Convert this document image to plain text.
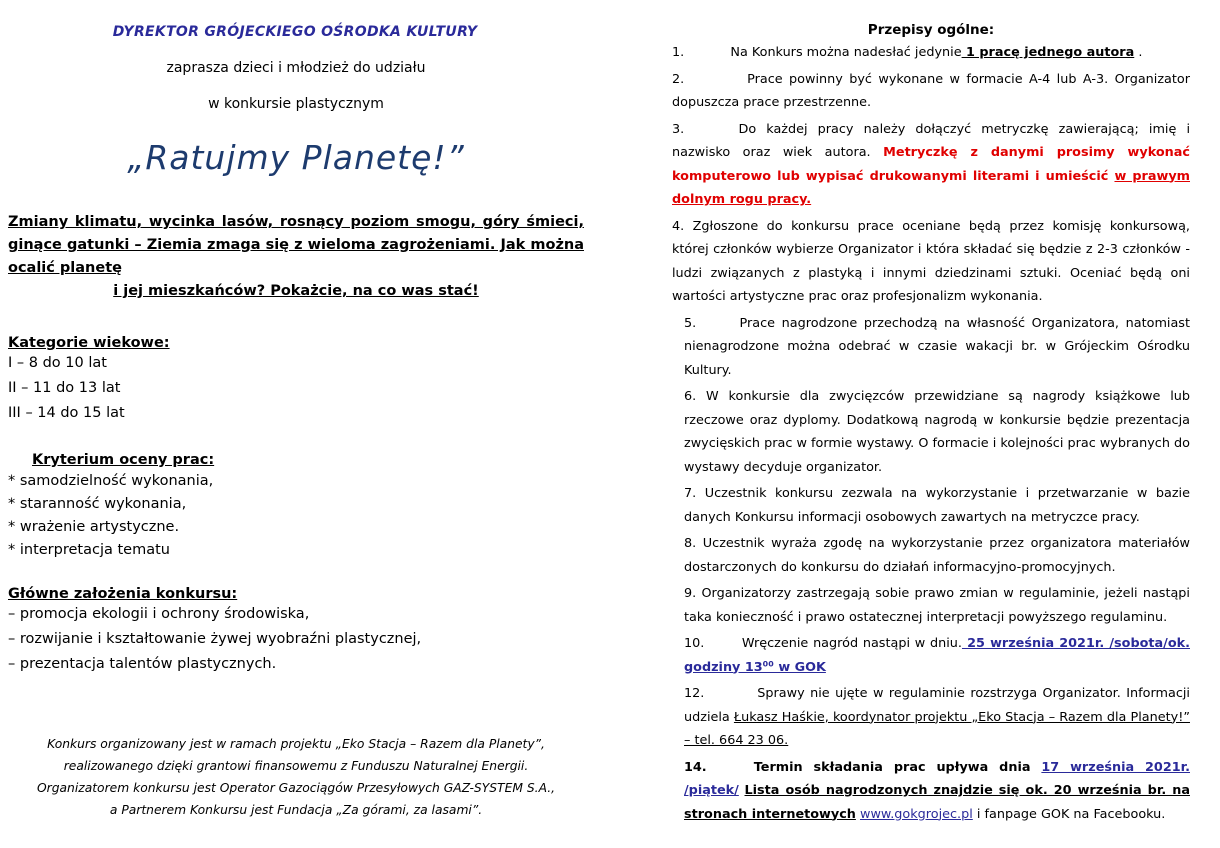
DYREKTOR GRÓJECKIEGO OŚRODKA KULTURY
zaprasza dzieci i młodzież do udziału
w konkursie plastycznym
„Ratujmy Planetę!”
Zmiany klimatu, wycinka lasów, rosnący poziom smogu, góry śmieci, ginące gatunki – Ziemia zmaga się z wieloma zagrożeniami. Jak można ocalić planetę
i jej mieszkańców? Pokażcie, na co was stać!
Kategorie wiekowe:
I – 8 do 10 lat
II – 11 do 13 lat
III – 14 do 15 lat
Kryterium oceny prac:
* samodzielność wykonania,
* staranność wykonania,
* wrażenie artystyczne.
* interpretacja tematu
Główne założenia konkursu:
– promocja ekologii i ochrony środowiska,
– rozwijanie i kształtowanie żywej wyobraźni plastycznej,
– prezentacja talentów plastycznych.
Konkurs organizowany jest w ramach projektu „Eko Stacja – Razem dla Planety”,
realizowanego dzięki grantowi finansowemu z Funduszu Naturalnej Energii.
Organizatorem konkursu jest Operator Gazociągów Przesyłowych GAZ-SYSTEM S.A.,
a Partnerem Konkursu jest Fundacja „Za górami, za lasami”.
Przepisy ogólne:
1.	Na Konkurs można nadesłać jedynie 1 pracę jednego autora .
2.	Prace powinny być wykonane w formacie A-4 lub A-3. Organizator dopuszcza prace przestrzenne.
3.	Do każdej pracy należy dołączyć metryczkę zawierającą; imię i nazwisko oraz wiek autora. Metryczkę z danymi prosimy wykonać komputerowo lub wypisać drukowanymi literami i umieścić w prawym dolnym rogu pracy.
4. Zgłoszone do konkursu prace oceniane będą przez komisję konkursową, której członków wybierze Organizator i która składać się będzie z 2-3 członków - ludzi związanych z plastyką i innymi dziedzinami sztuki. Oceniać będą oni wartości artystyczne prac oraz profesjonalizm wykonania.
5.	Prace nagrodzone przechodzą na własność Organizatora, natomiast nienagrodzone można odebrać w czasie wakacji br. w Grójeckim Ośrodku Kultury.
6. W konkursie dla zwycięzców przewidziane są nagrody książkowe lub rzeczowe oraz dyplomy. Dodatkową nagrodą w konkursie będzie prezentacja zwycięskich prac w formie wystawy. O formacie i kolejności prac wybranych do wystawy decyduje organizator.
7. Uczestnik konkursu zezwala na wykorzystanie i przetwarzanie w bazie danych Konkursu informacji osobowych zawartych na metryczce pracy.
8. Uczestnik wyraża zgodę na wykorzystanie przez organizatora materiałów dostarczonych do konkursu do działań informacyjno-promocyjnych.
9. Organizatorzy zastrzegają sobie prawo zmian w regulaminie, jeżeli nastąpi taka konieczność i prawo ostatecznej interpretacji powyższego regulaminu.
10.	Wręczenie nagród nastąpi w dniu. 25 września 2021r. /sobota/ok. godziny 13⁰⁰ w GOK
12.	Sprawy nie ujęte w regulaminie rozstrzyga Organizator. Informacji udziela Łukasz Haśkie, koordynator projektu „Eko Stacja – Razem dla Planety!” – tel. 664 23 06.
14.	Termin składania prac upływa dnia 17 września 2021r. /piątek/ Lista osób nagrodzonych znajdzie się ok. 20 września br. na stronach internetowych www.gokgrojec.pl i fanpage GOK na Facebooku.
